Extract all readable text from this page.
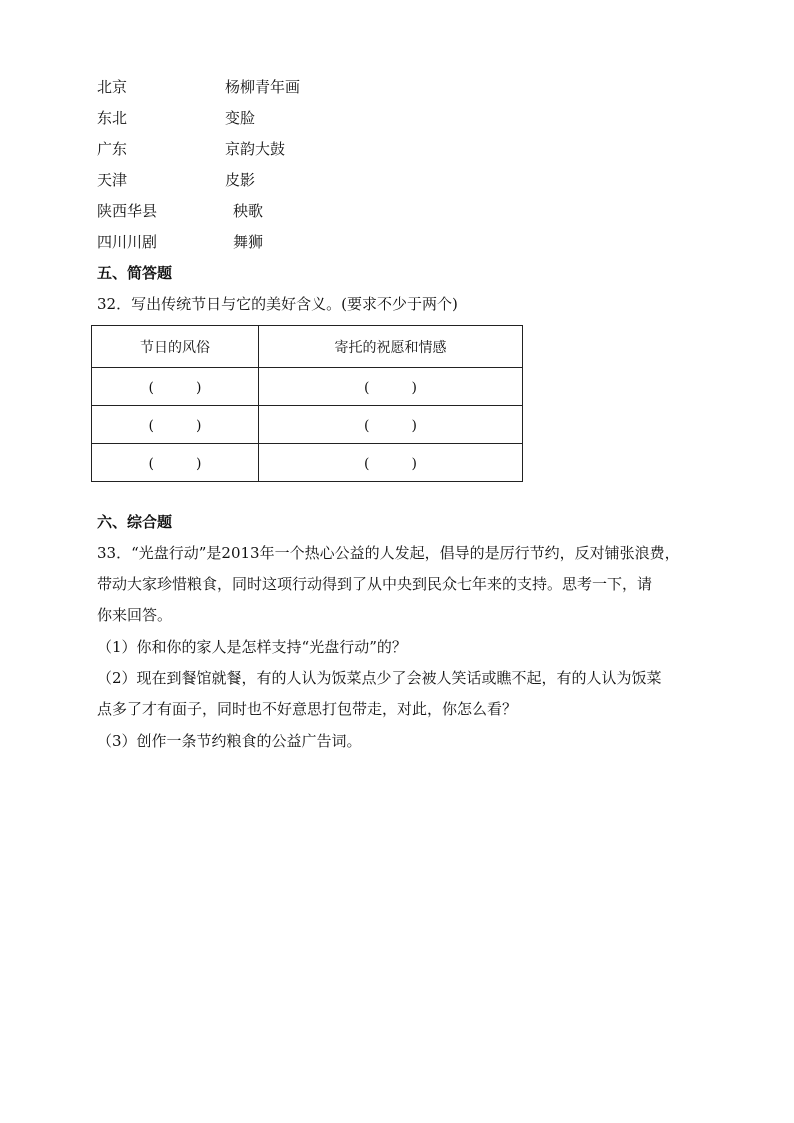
北京	杨柳青年画
东北	变脸
广东	京韵大鼓
天津	皮影
陕西华县	秧歌
四川川剧	舞狮
五、简答题
32．写出传统节日与它的美好含义。(要求不少于两个)
节日的风俗	寄托的祝愿和情感
(　　　)	(　　　)
(　　　)	(　　　)
(　　　)	(　　　)
六、综合题
33．“光盘行动”是2013年一个热心公益的人发起，倡导的是厉行节约，反对铺张浪费，
带动大家珍惜粮食，同时这项行动得到了从中央到民众七年来的支持。思考一下，请
你来回答。
（1）你和你的家人是怎样支持“光盘行动”的？
（2）现在到餐馆就餐，有的人认为饭菜点少了会被人笑话或瞧不起，有的人认为饭菜
点多了才有面子，同时也不好意思打包带走，对此，你怎么看？
（3）创作一条节约粮食的公益广告词。
